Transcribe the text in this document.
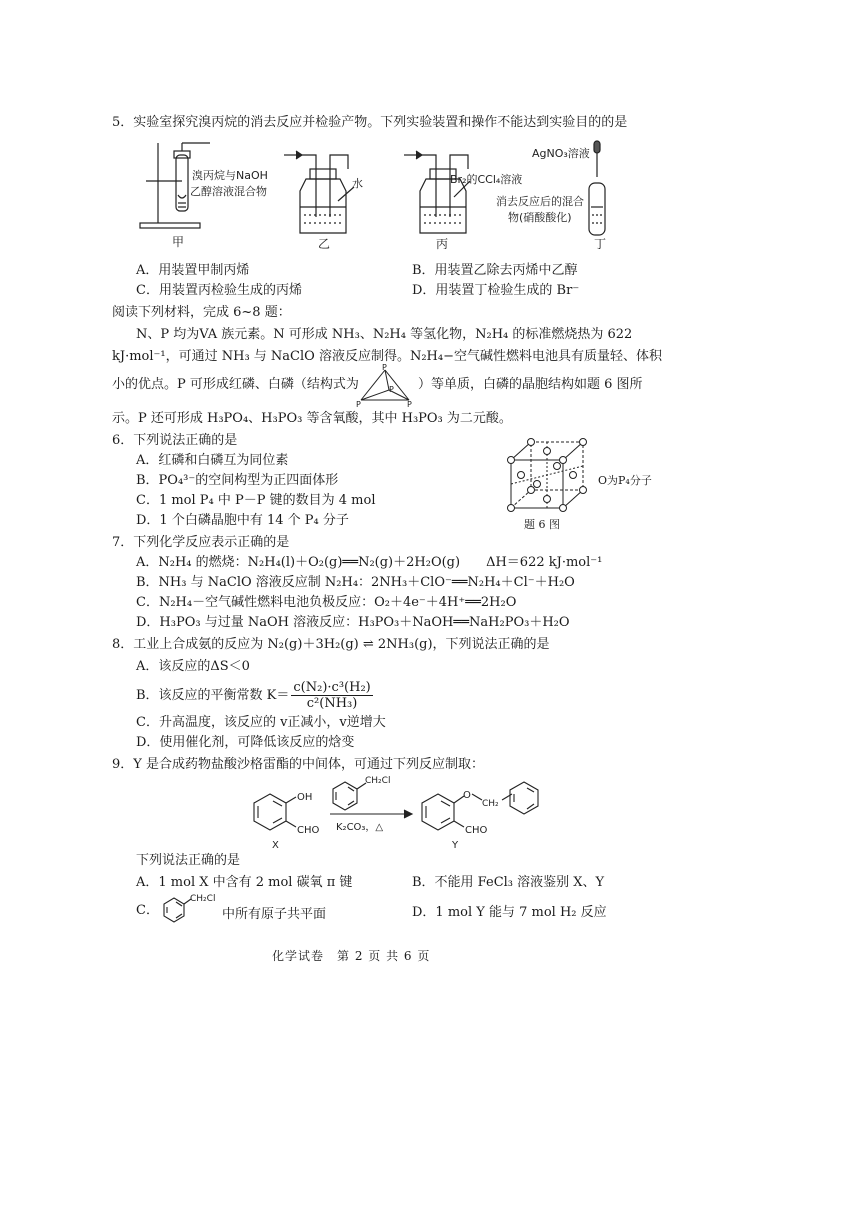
5．实验室探究溴丙烷的消去反应并检验产物。下列实验装置和操作不能达到实验目的的是
溴丙烷与NaOH
乙醇溶液混合物
甲
水
乙
Br₂的CCl₄溶液
丙
AgNO₃溶液
消去反应后的混合
物(硝酸酸化)
丁
A．用装置甲制丙烯	B．用装置乙除去丙烯中乙醇
C．用装置丙检验生成的丙烯	D．用装置丁检验生成的 Br⁻
阅读下列材料，完成 6~8 题：
N、P 均为VA 族元素。N 可形成 NH₃、N₂H₄ 等氢化物，N₂H₄ 的标准燃烧热为 622
kJ·mol⁻¹，可通过 NH₃ 与 NaClO 溶液反应制得。N₂H₄−空气碱性燃料电池具有质量轻、体积
小的优点。P 可形成红磷、白磷（结构式为
P
P	P
P ）等单质，白磷的晶胞结构如题 6 图所
示。P 还可形成 H₃PO₄、H₃PO₃ 等含氧酸，其中 H₃PO₃ 为二元酸。
6．下列说法正确的是
A．红磷和白磷互为同位素
B．PO₄³⁻的空间构型为正四面体形
C．1 mol P₄ 中 P－P 键的数目为 4 mol
D．1 个白磷晶胞中有 14 个 P₄ 分子
O为P₄分子
题 6 图
7．下列化学反应表示正确的是
A．N₂H₄ 的燃烧：N₂H₄(l)＋O₂(g)══N₂(g)＋2H₂O(g)　　ΔH＝622 kJ·mol⁻¹
B．NH₃ 与 NaClO 溶液反应制 N₂H₄：2NH₃＋ClO⁻══N₂H₄＋Cl⁻＋H₂O
C．N₂H₄－空气碱性燃料电池负极反应：O₂＋4e⁻＋4H⁺══2H₂O
D．H₃PO₃ 与过量 NaOH 溶液反应：H₃PO₃＋NaOH══NaH₂PO₃＋H₂O
8．工业上合成氨的反应为 N₂(g)＋3H₂(g) ⇌ 2NH₃(g)，下列说法正确的是
A．该反应的ΔS＜0
B．该反应的平衡常数 $K= \frac{\text{c(N₂)·c³(H₂)}}{\text{c²(NH₃)}}$
C．升高温度，该反应的 v正减小，v逆增大
D．使用催化剂，可降低该反应的焓变
9．Y 是合成药物盐酸沙格雷酯的中间体，可通过下列反应制取：
OH
CHO
X
CH₂Cl
K₂CO₃，△
O
CH₂
CHO
Y
下列说法正确的是
A．1 mol X 中含有 2 mol 碳氧 π 键	B．不能用 FeCl₃ 溶液鉴别 X、Y
C．
CH₂Cl
中所有原子共平面	D．1 mol Y 能与 7 mol H₂ 反应
化学试卷　第 2 页 共 6 页
